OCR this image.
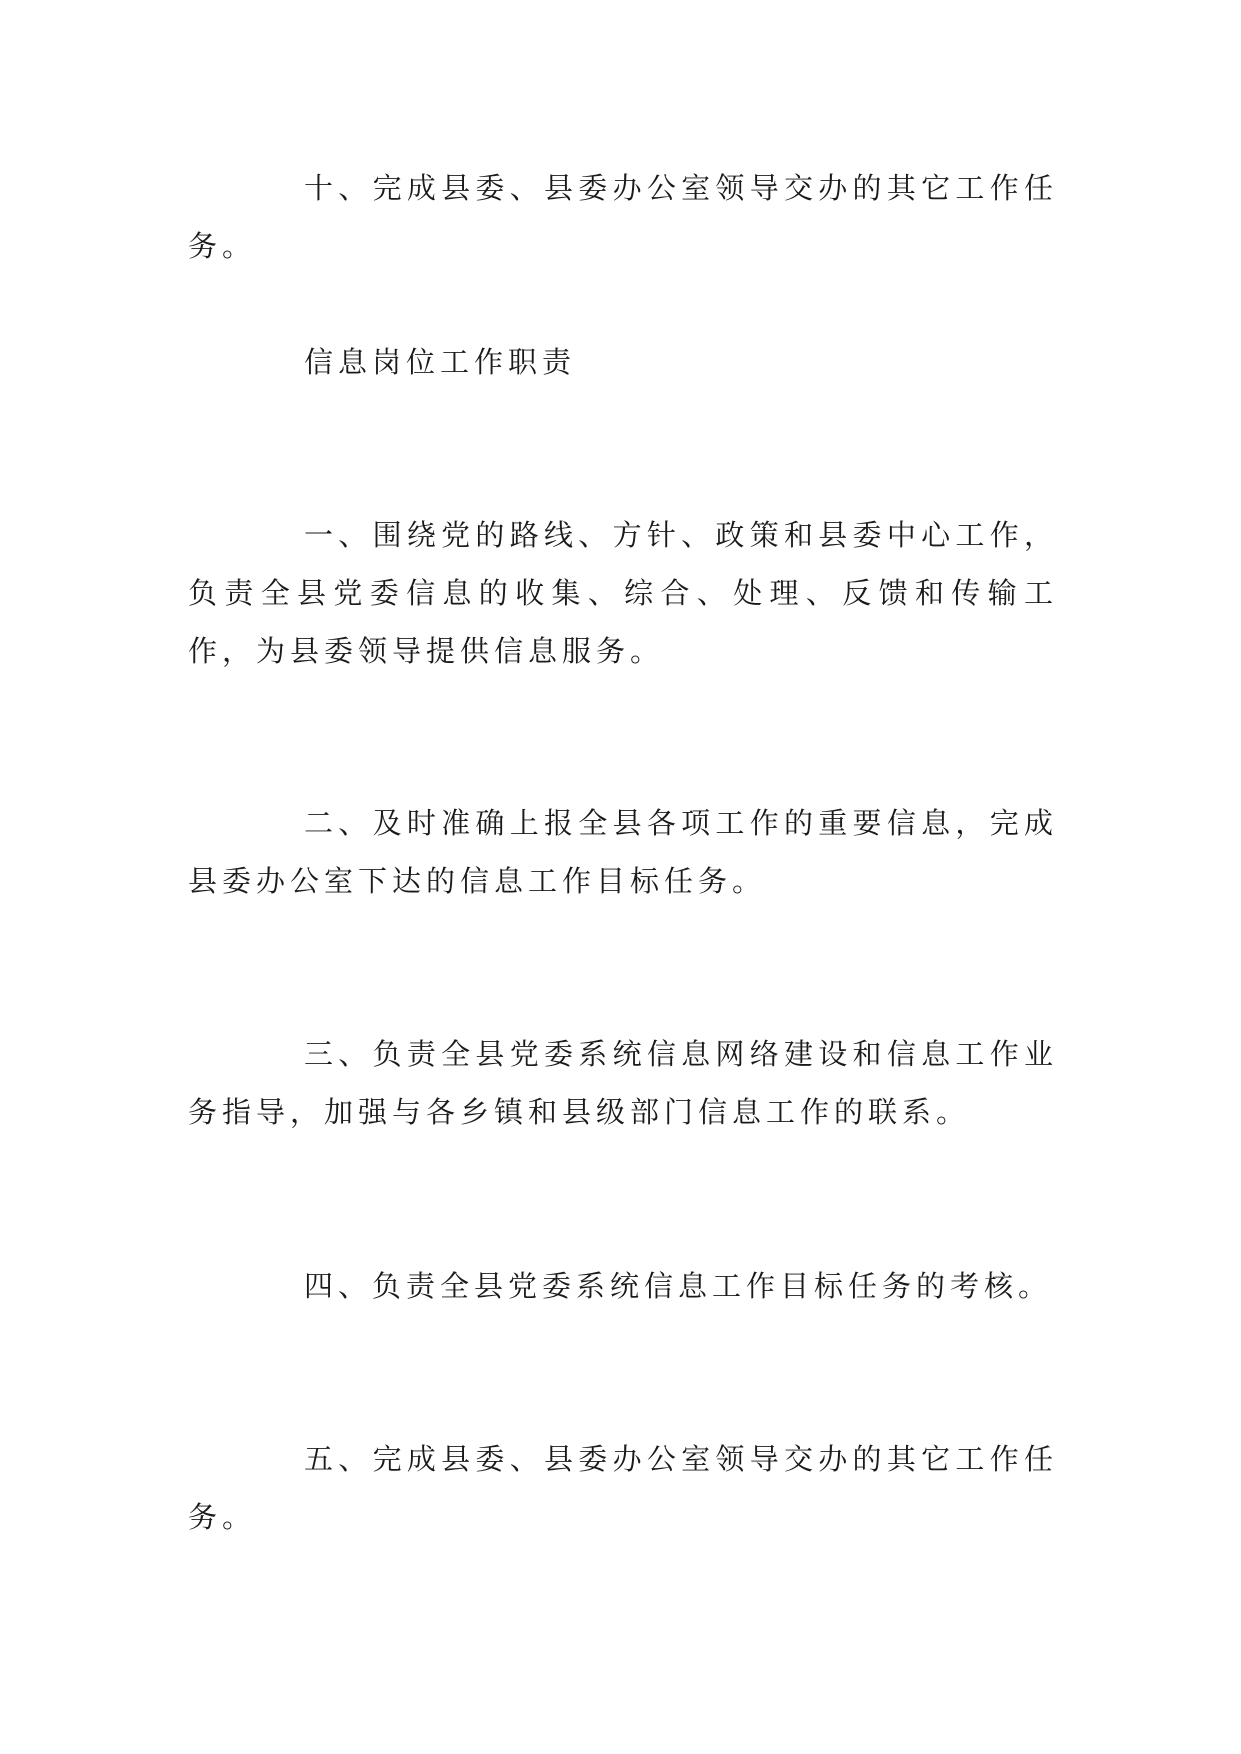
十、完成县委、县委办公室领导交办的其它工作任务。

信息岗位工作职责

一、围绕党的路线、方针、政策和县委中心工作，负责全县党委信息的收集、综合、处理、反馈和传输工作，为县委领导提供信息服务。

二、及时准确上报全县各项工作的重要信息，完成县委办公室下达的信息工作目标任务。

三、负责全县党委系统信息网络建设和信息工作业务指导，加强与各乡镇和县级部门信息工作的联系。

四、负责全县党委系统信息工作目标任务的考核。

五、完成县委、县委办公室领导交办的其它工作任务。
